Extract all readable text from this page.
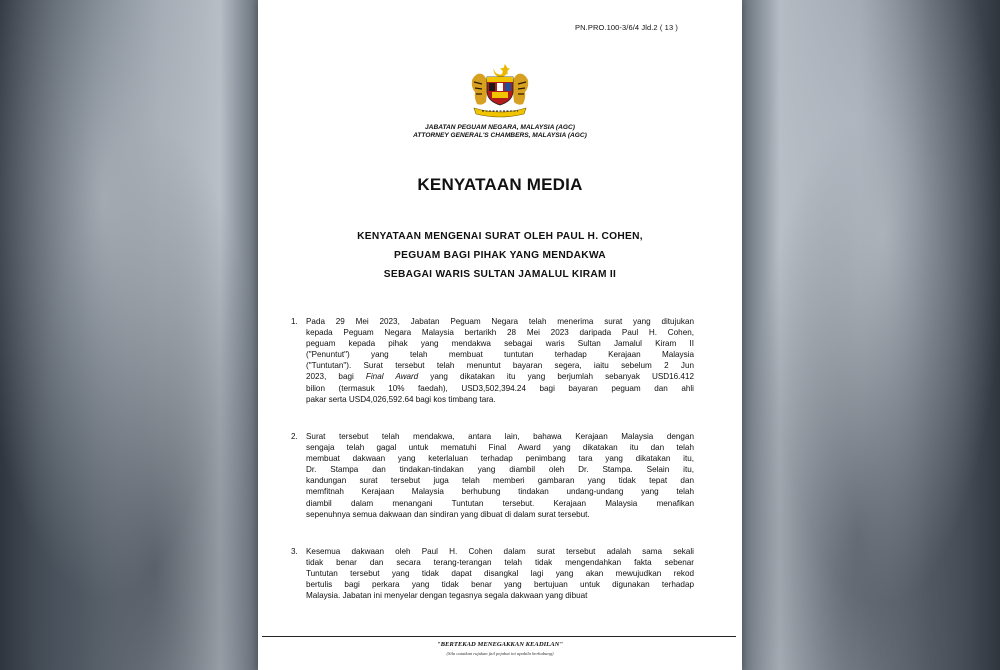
PN.PRO.100-3/6/4 Jld.2 ( 13 )
JABATAN PEGUAM NEGARA, MALAYSIA (AGC)
ATTORNEY GENERAL'S CHAMBERS, MALAYSIA (AGC)
KENYATAAN MEDIA
KENYATAAN MENGENAI SURAT OLEH PAUL H. COHEN,
PEGUAM BAGI PIHAK YANG MENDAKWA
SEBAGAI WARIS SULTAN JAMALUL KIRAM II
1. Pada 29 Mei 2023, Jabatan Peguam Negara telah menerima surat yang ditujukan
kepada Peguam Negara Malaysia bertarikh 28 Mei 2023 daripada Paul H. Cohen,
peguam kepada pihak yang mendakwa sebagai waris Sultan Jamalul Kiram II
("Penuntut") yang telah membuat tuntutan terhadap Kerajaan Malaysia
("Tuntutan"). Surat tersebut telah menuntut bayaran segera, iaitu sebelum 2 Jun
2023, bagi Final Award yang dikatakan itu yang berjumlah sebanyak USD16.412
bilion (termasuk 10% faedah), USD3,502,394.24 bagi bayaran peguam dan ahli
pakar serta USD4,026,592.64 bagi kos timbang tara.
2. Surat tersebut telah mendakwa, antara lain, bahawa Kerajaan Malaysia dengan
sengaja telah gagal untuk mematuhi Final Award yang dikatakan itu dan telah
membuat dakwaan yang keterlaluan terhadap penimbang tara yang dikatakan itu,
Dr. Stampa dan tindakan-tindakan yang diambil oleh Dr. Stampa. Selain itu,
kandungan surat tersebut juga telah memberi gambaran yang tidak tepat dan
memfitnah Kerajaan Malaysia berhubung tindakan undang-undang yang telah
diambil dalam menangani Tuntutan tersebut. Kerajaan Malaysia menafikan
sepenuhnya semua dakwaan dan sindiran yang dibuat di dalam surat tersebut.
3. Kesemua dakwaan oleh Paul H. Cohen dalam surat tersebut adalah sama sekali
tidak benar dan secara terang-terangan telah tidak mengendahkan fakta sebenar
Tuntutan tersebut yang tidak dapat disangkal lagi yang akan mewujudkan rekod
bertulis bagi perkara yang tidak benar yang bertujuan untuk digunakan terhadap
Malaysia. Jabatan ini menyelar dengan tegasnya segala dakwaan yang dibuat
"BERTEKAD MENEGAKKAN KEADILAN"
(Sila catatkan rujukan fail pejabat ini apabila berhubung)
